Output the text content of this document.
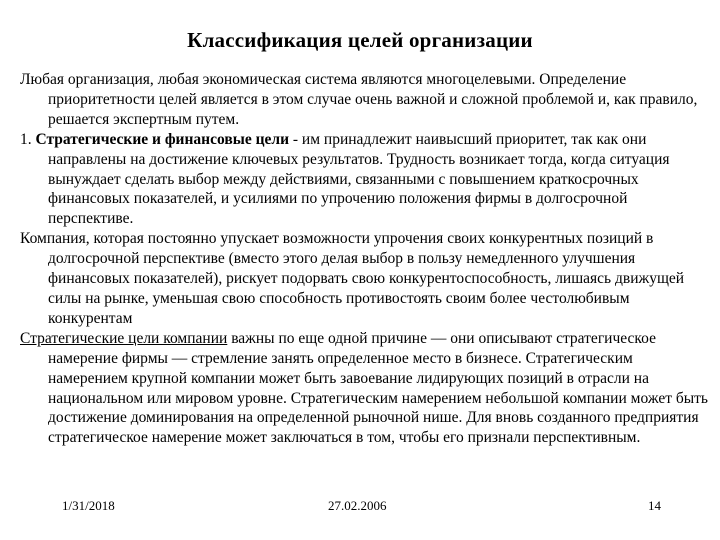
Классификация целей организации

Любая организация, любая экономическая система являются многоцелевыми. Определение приоритетности целей является в этом случае очень важной и сложной проблемой и, как правило, решается экспертным путем.

1. Стратегические и финансовые цели - им принадлежит наивысший приоритет, так как они направлены на достижение ключевых результатов. Трудность возникает тогда, когда ситуация вынуждает сделать выбор между действиями, связанными с повышением краткосрочных финансовых показателей, и усилиями по упрочению положения фирмы в долгосрочной перспективе.

Компания, которая постоянно упускает возможности упрочения своих конкурентных позиций в долгосрочной перспективе (вместо этого делая выбор в пользу немедленного улучшения финансовых показателей), рискует подорвать свою конкурентоспособность, лишаясь движущей силы на рынке, уменьшая свою способность противостоять своим более честолюбивым конкурентам

Стратегические цели компании важны по еще одной причине — они описывают стратегическое намерение фирмы — стремление занять определенное место в бизнесе. Стратегическим намерением крупной компании может быть завоевание лидирующих позиций в отрасли на национальном или мировом уровне. Стратегическим намерением небольшой компании может быть достижение доминирования на определенной рыночной нише. Для вновь созданного предприятия стратегическое намерение может заключаться в том, чтобы его признали перспективным.

1/31/2018	27.02.2006	14
